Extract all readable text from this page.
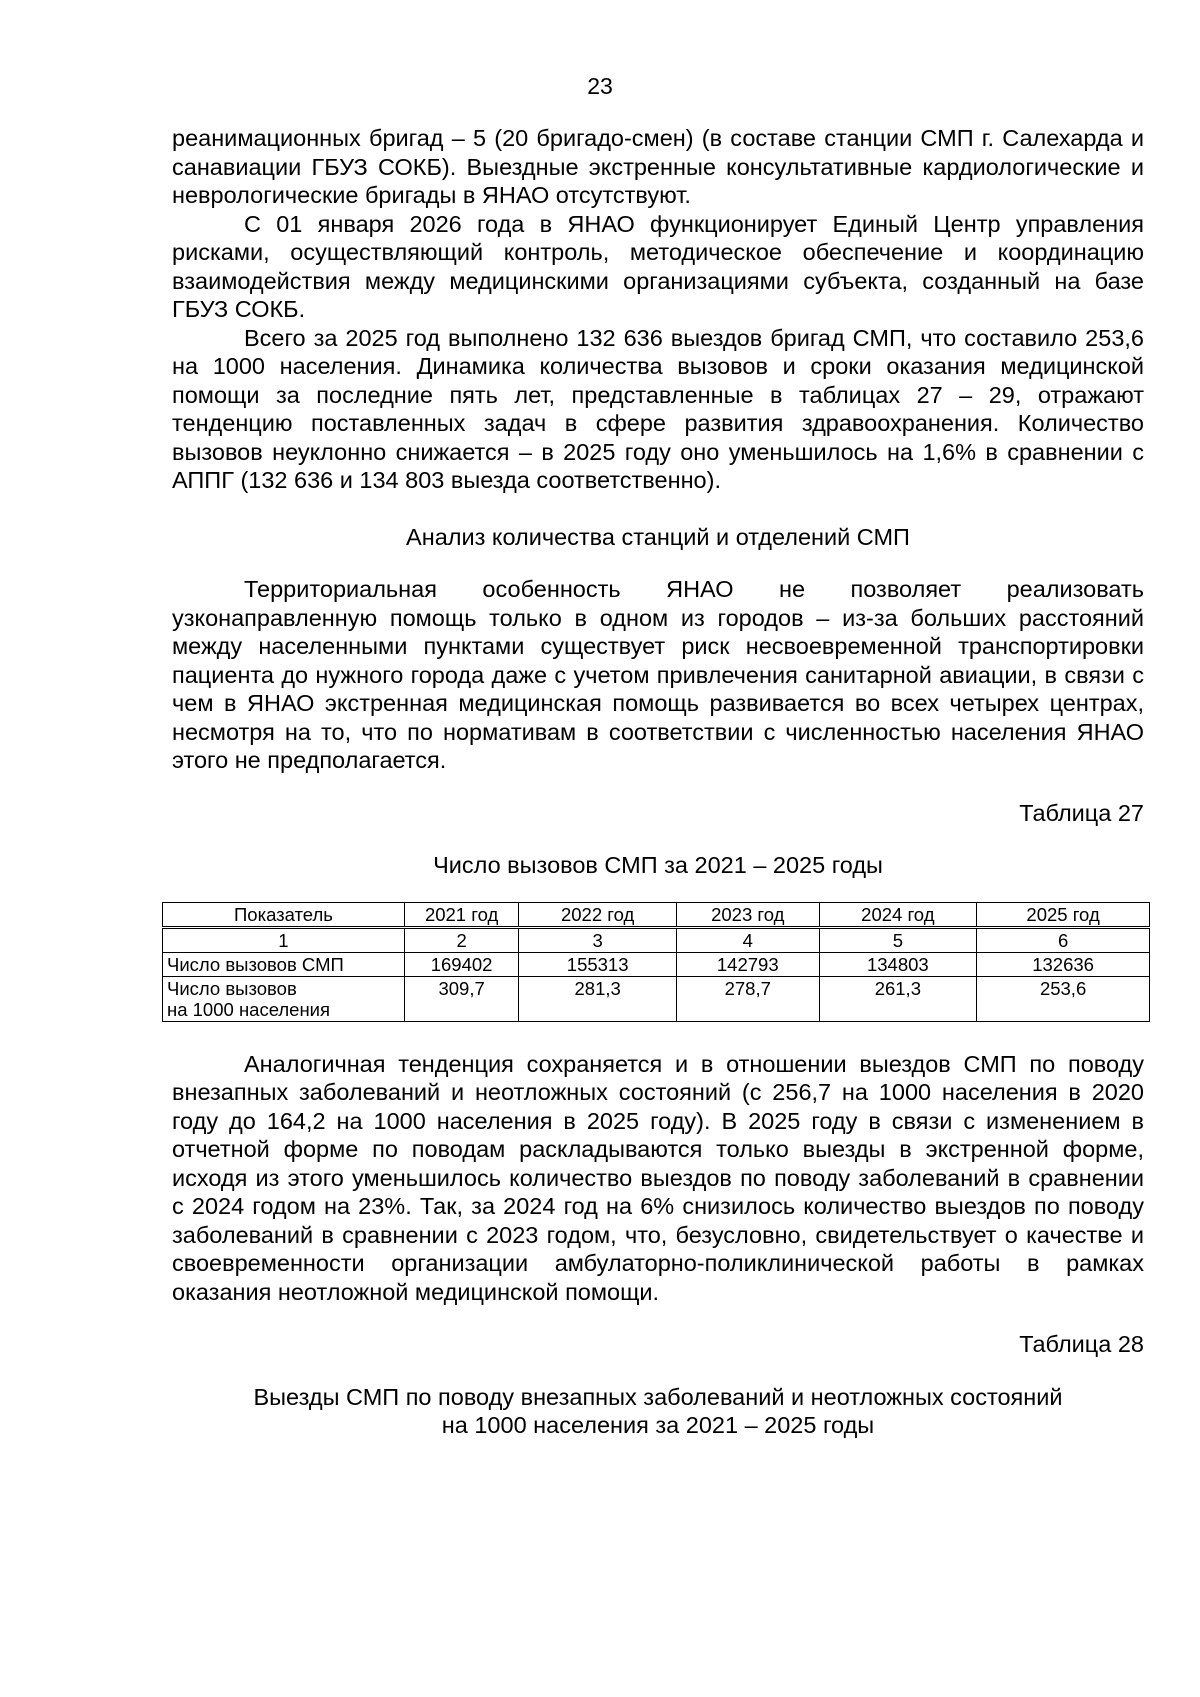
23

реанимационных бригад – 5 (20 бригадо-смен) (в составе станции СМП г. Салехарда и санавиации ГБУЗ СОКБ). Выездные экстренные консультативные кардиологические и неврологические бригады в ЯНАО отсутствуют.

С 01 января 2026 года в ЯНАО функционирует Единый Центр управления рисками, осуществляющий контроль, методическое обеспечение и координацию взаимодействия между медицинскими организациями субъекта, созданный на базе ГБУЗ СОКБ.

Всего за 2025 год выполнено 132 636 выездов бригад СМП, что составило 253,6 на 1000 населения. Динамика количества вызовов и сроки оказания медицинской помощи за последние пять лет, представленные в таблицах 27 – 29, отражают тенденцию поставленных задач в сфере развития здравоохранения. Количество вызовов неуклонно снижается – в 2025 году оно уменьшилось на 1,6% в сравнении с АППГ (132 636 и 134 803 выезда соответственно).

Анализ количества станций и отделений СМП

Территориальная особенность ЯНАО не позволяет реализовать узконаправленную помощь только в одном из городов – из-за больших расстояний между населенными пунктами существует риск несвоевременной транспортировки пациента до нужного города даже с учетом привлечения санитарной авиации, в связи с чем в ЯНАО экстренная медицинская помощь развивается во всех четырех центрах, несмотря на то, что по нормативам в соответствии с численностью населения ЯНАО этого не предполагается.

Таблица 27

Число вызовов СМП за 2021 – 2025 годы

Показатель	2021 год	2022 год	2023 год	2024 год	2025 год
1	2	3	4	5	6
Число вызовов СМП	169402	155313	142793	134803	132636
Число вызовов
на 1000 населения	309,7	281,3	278,7	261,3	253,6

Аналогичная тенденция сохраняется и в отношении выездов СМП по поводу внезапных заболеваний и неотложных состояний (с 256,7 на 1000 населения в 2020 году до 164,2 на 1000 населения в 2025 году). В 2025 году в связи с изменением в отчетной форме по поводам раскладываются только выезды в экстренной форме, исходя из этого уменьшилось количество выездов по поводу заболеваний в сравнении с 2024 годом на 23%. Так, за 2024 год на 6% снизилось количество выездов по поводу заболеваний в сравнении с 2023 годом, что, безусловно, свидетельствует о качестве и своевременности организации амбулаторно-поликлинической работы в рамках оказания неотложной медицинской помощи.

Таблица 28

Выезды СМП по поводу внезапных заболеваний и неотложных состояний

на 1000 населения за 2021 – 2025 годы
